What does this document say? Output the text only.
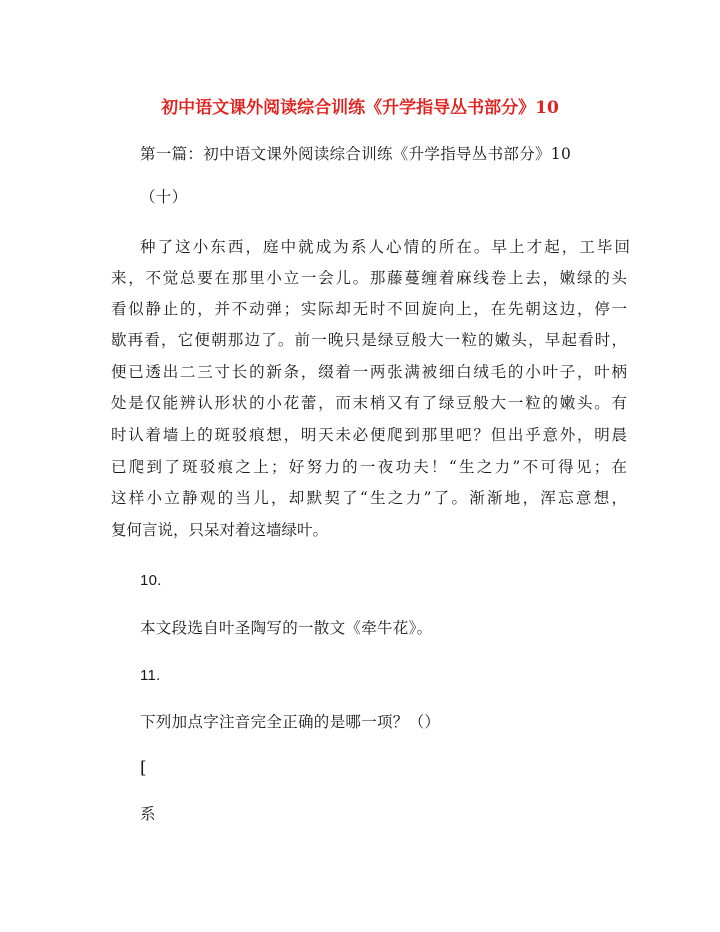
初中语文课外阅读综合训练《升学指导丛书部分》10
第一篇：初中语文课外阅读综合训练《升学指导丛书部分》10
（十）
种了这小东西，庭中就成为系人心情的所在。早上才起，工毕回
来，不觉总要在那里小立一会儿。那藤蔓缠着麻线卷上去，嫩绿的头
看似静止的，并不动弹；实际却无时不回旋向上，在先朝这边，停一
歇再看，它便朝那边了。前一晚只是绿豆般大一粒的嫩头，早起看时，
便已透出二三寸长的新条，缀着一两张满被细白绒毛的小叶子，叶柄
处是仅能辨认形状的小花蕾，而末梢又有了绿豆般大一粒的嫩头。有
时认着墙上的斑驳痕想，明天未必便爬到那里吧？但出乎意外，明晨
已爬到了斑驳痕之上；好努力的一夜功夫！“生之力”不可得见；在
这样小立静观的当儿，却默契了“生之力”了。渐渐地，浑忘意想，
复何言说，只呆对着这墙绿叶。
10.
本文段选自叶圣陶写的一散文《牵牛花》。
11.
下列加点字注音完全正确的是哪一项？（）
[
系
